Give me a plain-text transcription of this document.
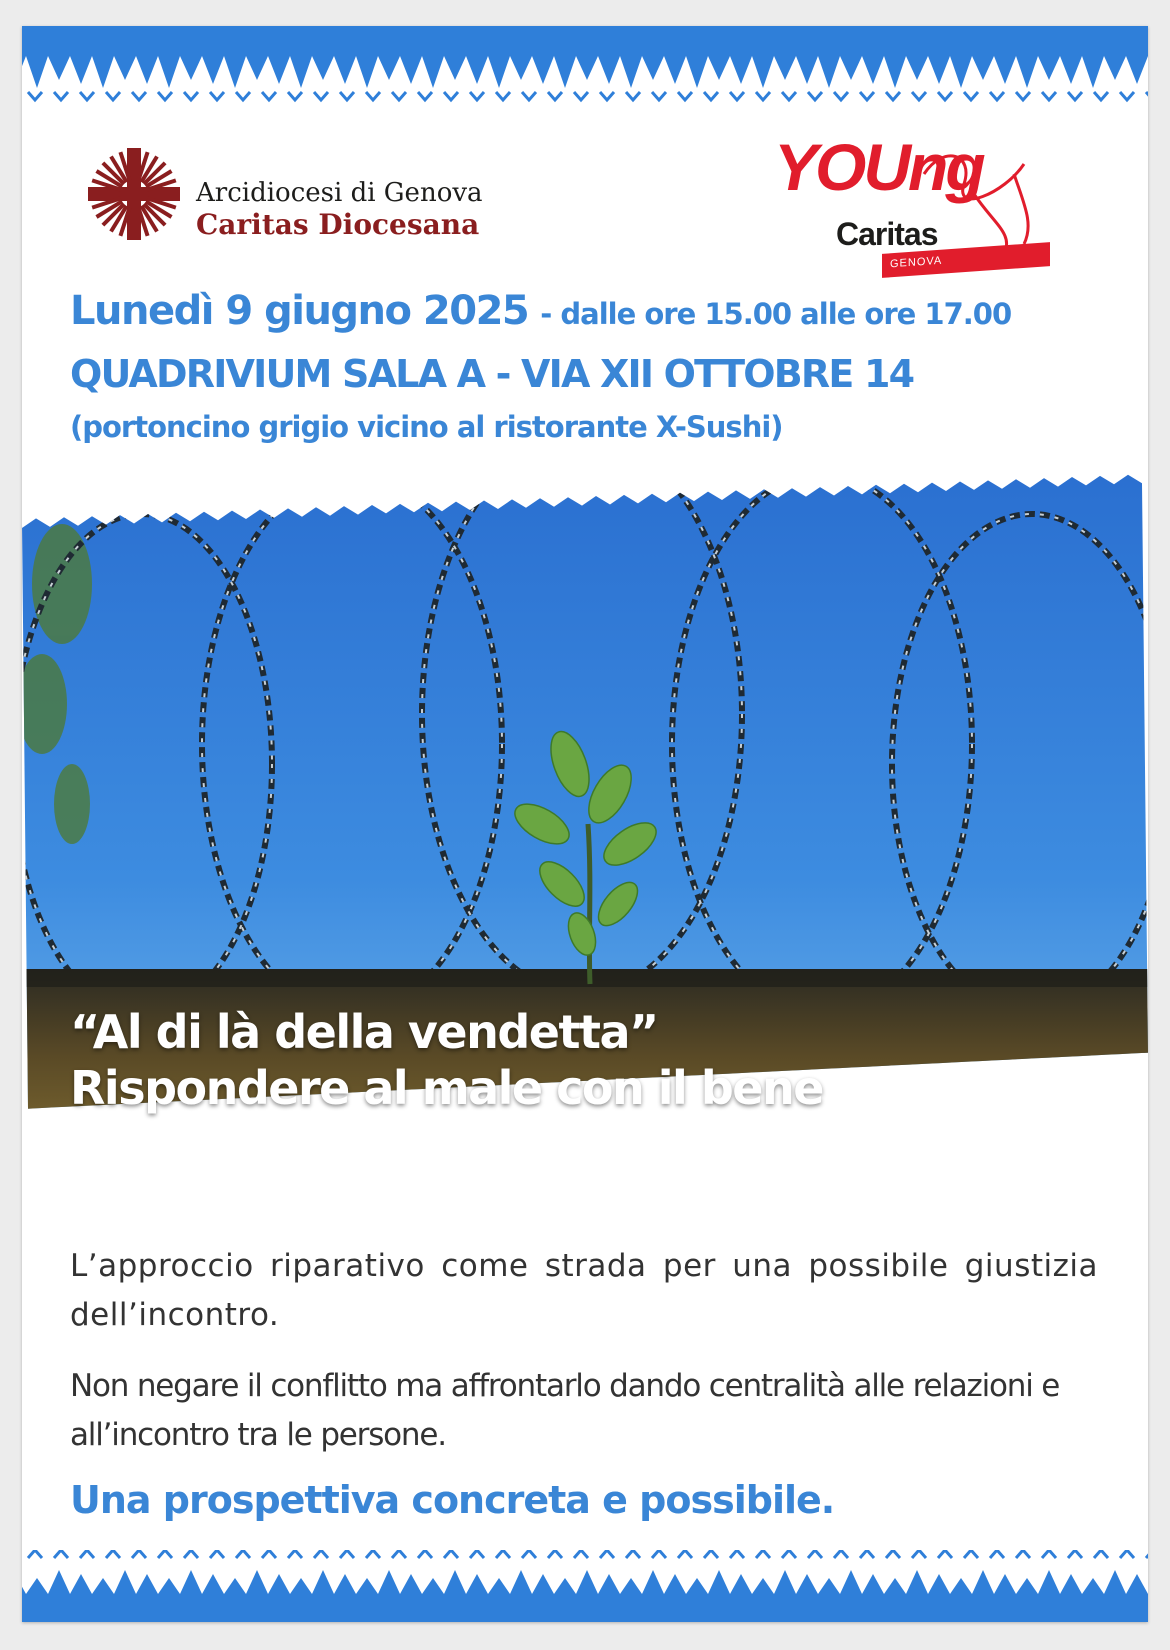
Arcidiocesi di Genova
Caritas Diocesana
YOUng
Caritas
GENOVA
Lunedì 9 giugno 2025 - dalle ore 15.00 alle ore 17.00
QUADRIVIUM SALA A - VIA XII OTTOBRE 14
(portoncino grigio vicino al ristorante X-Sushi)
“Al di là della vendetta”
Rispondere al male con il bene
L’approccio riparativo come strada per una possibile giustizia dell’incontro.
Non negare il conflitto ma affrontarlo dando centralità alle relazioni e all’incontro tra le persone.
Una prospettiva concreta e possibile.
